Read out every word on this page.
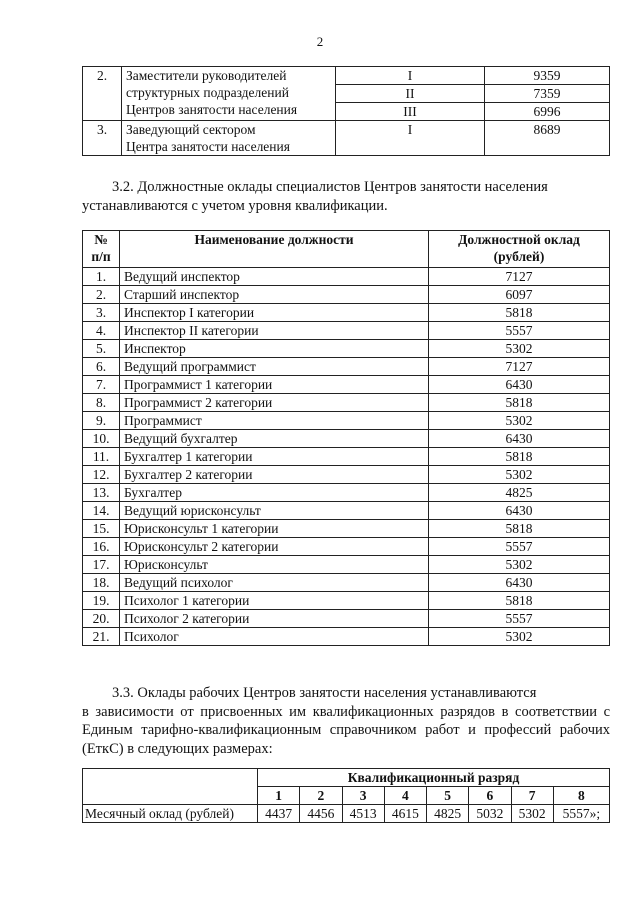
2
2.	Заместители руководителей
структурных подразделений
Центров занятости населения	I	9359
		II	7359
		III	6996
3.	Заведующий сектором
Центра занятости населения	I	8689

3.2. Должностные оклады специалистов Центров занятости населения
устанавливаются с учетом уровня квалификации.

№ п/п	Наименование должности	Должностной оклад
(рублей)

1.	Ведущий инспектор	7127
2.	Старший инспектор	6097
3.	Инспектор I категории	5818
4.	Инспектор II категории	5557
5.	Инспектор	5302
6.	Ведущий программист	7127
7.	Программист 1 категории	6430
8.	Программист 2 категории	5818
9.	Программист	5302
10.	Ведущий бухгалтер	6430
11.	Бухгалтер 1 категории	5818
12.	Бухгалтер 2 категории	5302
13.	Бухгалтер	4825
14.	Ведущий юрисконсульт	6430
15.	Юрисконсульт 1 категории	5818
16.	Юрисконсульт 2 категории	5557
17.	Юрисконсульт	5302
18.	Ведущий психолог	6430
19.	Психолог 1 категории	5818
20.	Психолог 2 категории	5557
21.	Психолог	5302

3.3. Оклады рабочих Центров занятости населения устанавливаются
в зависимости от присвоенных им квалификационных разрядов в соответствии с Единым тарифно-квалификационным справочником работ и профессий рабочих (ЕткС) в следующих размерах:

	Квалификационный разряд							
	1	2	3	4	5	6	7	8
Месячный оклад (рублей)	4437	4456	4513	4615	4825	5032	5302	5557»;
